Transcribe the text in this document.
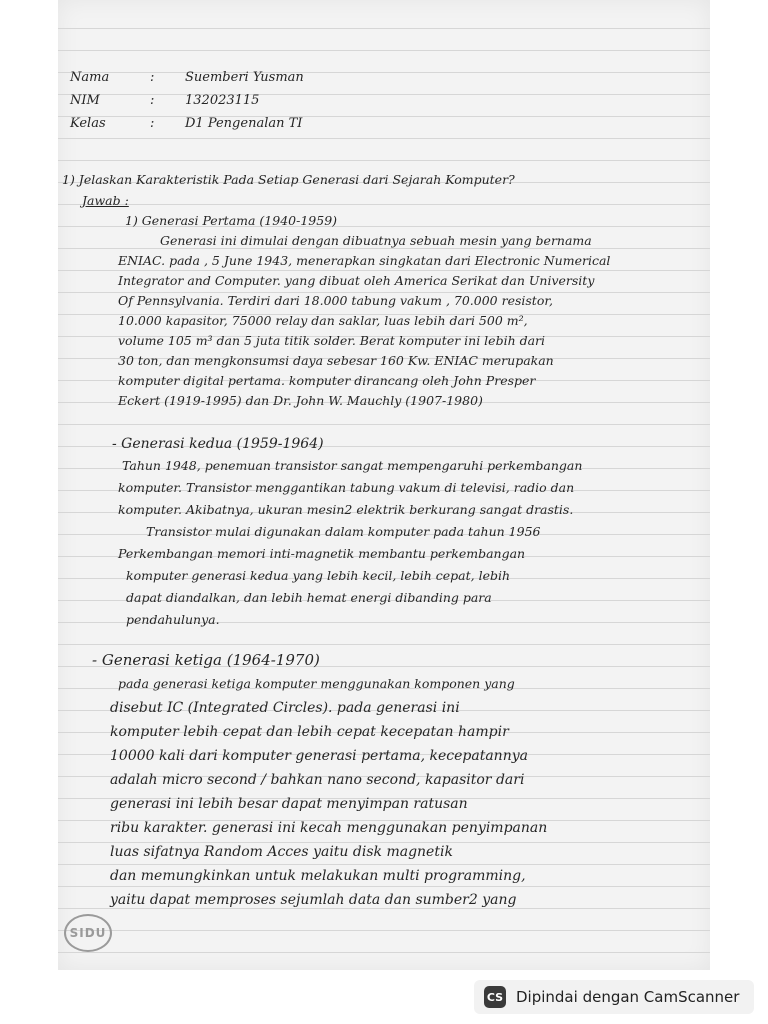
Nama	: Suemberi Yusman
NIM	: 132023115
Kelas	: D1 Pengenalan TI
1) Jelaskan Karakteristik Pada Setiap Generasi dari Sejarah Komputer?
Jawab :
1) Generasi Pertama (1940-1959)
Generasi ini dimulai dengan dibuatnya sebuah mesin yang bernama
ENIAC. pada , 5 June 1943, menerapkan singkatan dari Electronic Numerical
Integrator and Computer. yang dibuat oleh America Serikat dan University
Of Pennsylvania. Terdiri dari 18.000 tabung vakum , 70.000 resistor,
10.000 kapasitor, 75000 relay dan saklar, luas lebih dari 500 m²,
volume 105 m³ dan 5 juta titik solder. Berat komputer ini lebih dari
30 ton, dan mengkonsumsi daya sebesar 160 Kw. ENIAC merupakan
komputer digital pertama. komputer dirancang oleh John Presper
Eckert (1919-1995) dan Dr. John W. Mauchly (1907-1980)
- Generasi kedua (1959-1964)
Tahun 1948, penemuan transistor sangat mempengaruhi perkembangan
komputer. Transistor menggantikan tabung vakum di televisi, radio dan
komputer. Akibatnya, ukuran mesin2 elektrik berkurang sangat drastis.
Transistor mulai digunakan dalam komputer pada tahun 1956
Perkembangan memori inti-magnetik membantu perkembangan
komputer generasi kedua yang lebih kecil, lebih cepat, lebih
dapat diandalkan, dan lebih hemat energi dibanding para
pendahulunya.
- Generasi ketiga (1964-1970)
pada generasi ketiga komputer menggunakan komponen yang
disebut IC (Integrated Circles). pada generasi ini
komputer lebih cepat dan lebih cepat kecepatan hampir
10000 kali dari komputer generasi pertama, kecepatannya
adalah micro second / bahkan nano second, kapasitor dari
generasi ini lebih besar dapat menyimpan ratusan
ribu karakter. generasi ini kecah menggunakan penyimpanan
luas sifatnya Random Acces yaitu disk magnetik
dan memungkinkan untuk melakukan multi programming,
yaitu dapat memproses sejumlah data dan sumber2 yang
SIDU
CS Dipindai dengan CamScanner
